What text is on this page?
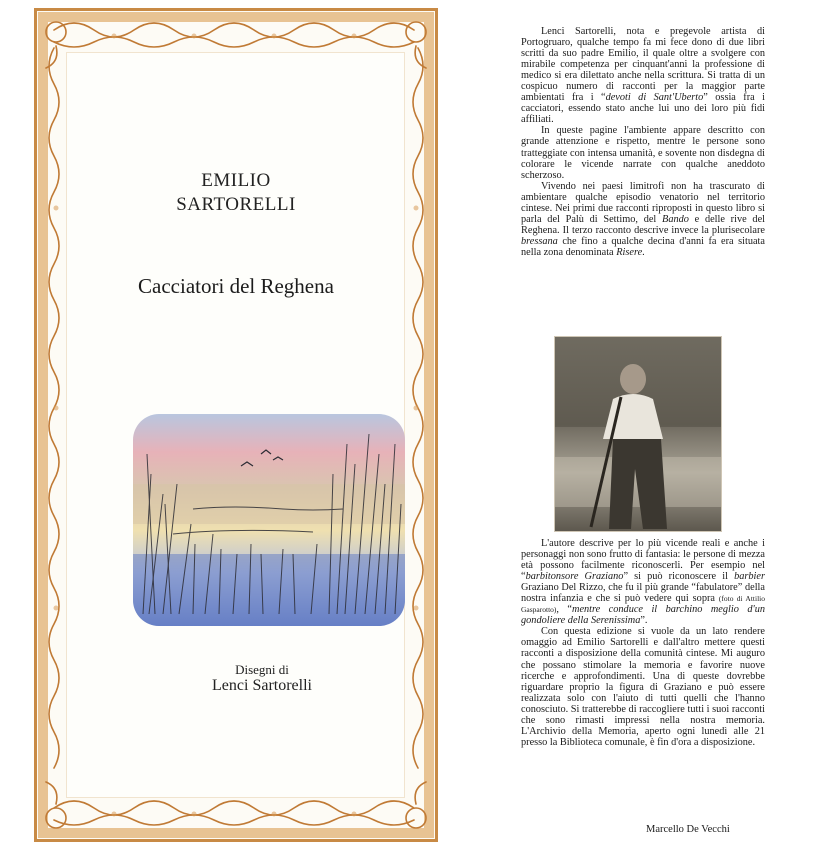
EMILIO
SARTORELLI
Cacciatori del Reghena
Disegni di
Lenci Sartorelli

Lenci Sartorelli, nota e pregevole artista di Portogruaro, qualche tempo fa mi fece dono di due libri scritti da suo padre Emilio, il quale oltre a svolgere con mirabile competenza per cinquant'anni la professione di medico si era dilettato anche nella scrittura. Si tratta di un cospicuo numero di racconti per la maggior parte ambientati fra i “devoti di Sant'Uberto” ossia fra i cacciatori, essendo stato anche lui uno dei loro più fidi affiliati.

In queste pagine l'ambiente appare descritto con grande attenzione e rispetto, mentre le persone sono tratteggiate con intensa umanità, e sovente non disdegna di colorare le vicende narrate con qualche aneddoto scherzoso.

Vivendo nei paesi limitrofi non ha trascurato di ambientare qualche episodio venatorio nel territorio cintese. Nei primi due racconti riproposti in questo libro si parla del Palù di Settimo, del Bando e delle rive del Reghena. Il terzo racconto descrive invece la plurisecolare bressana che fino a qualche decina d'anni fa era situata nella zona denominata Risere.

L'autore descrive per lo più vicende reali e anche i personaggi non sono frutto di fantasia: le persone di mezza età possono facilmente riconoscerli. Per esempio nel “barbitonsore Graziano” si può riconoscere il barbier Graziano Del Rizzo, che fu il più grande “fabulatore” della nostra infanzia e che si può vedere qui sopra (foto di Attilio Gasparotto), “mentre conduce il barchino meglio d'un gondoliere della Serenissima”.

Con questa edizione si vuole da un lato rendere omaggio ad Emilio Sartorelli e dall'altro mettere questi racconti a disposizione della comunità cintese. Mi auguro che possano stimolare la memoria e favorire nuove ricerche e approfondimenti. Una di queste dovrebbe riguardare proprio la figura di Graziano e può essere realizzata solo con l'aiuto di tutti quelli che l'hanno conosciuto. Si tratterebbe di raccogliere tutti i suoi racconti che sono rimasti impressi nella nostra memoria. L'Archivio della Memoria, aperto ogni lunedì alle 21 presso la Biblioteca comunale, è fin d'ora a disposizione.

Marcello De Vecchi
